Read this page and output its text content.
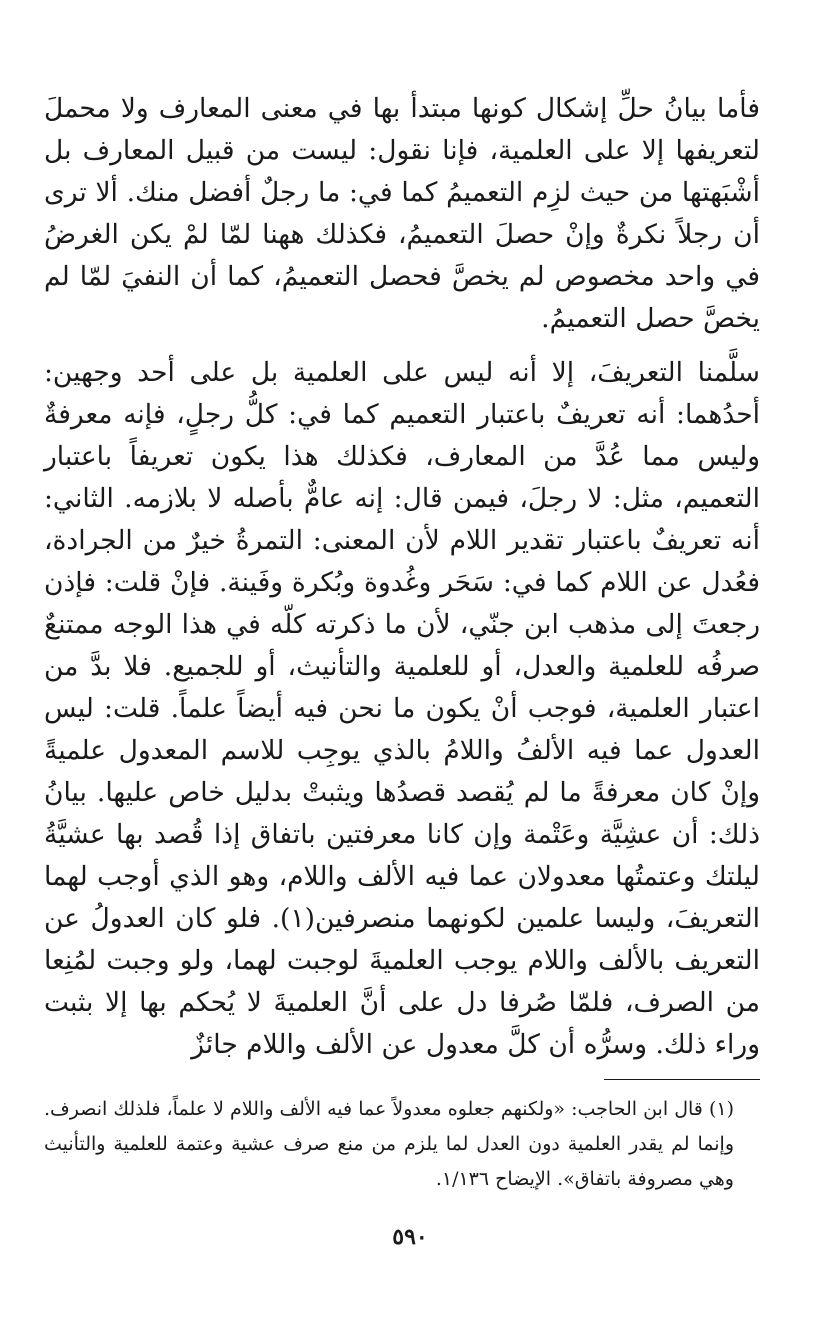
فأما بيانُ حلِّ إشكال كونها مبتدأ بها في معنى المعارف ولا محملَ لتعريفها إلا على العلمية، فإنا نقول: ليست من قبيل المعارف بل أشْبَهتها من حيث لزِم التعميمُ كما في: ما رجلٌ أفضل منك. ألا ترى أن رجلاً نكرةٌ وإنْ حصلَ التعميمُ، فكذلك ههنا لمّا لمْ يكن الغرضُ في واحد مخصوص لم يخصَّ فحصل التعميمُ، كما أن النفيَ لمّا لم يخصَّ حصل التعميمُ.

سلَّمنا التعريفَ، إلا أنه ليس على العلمية بل على أحد وجهين: أحدُهما: أنه تعريفٌ باعتبار التعميم كما في: كلُّ رجلٍ، فإنه معرفةٌ وليس مما عُدَّ من المعارف، فكذلك هذا يكون تعريفاً باعتبار التعميم، مثل: لا رجلَ، فيمن قال: إنه عامٌّ بأصله لا بلازمه. الثاني: أنه تعريفٌ باعتبار تقدير اللام لأن المعنى: التمرةُ خيرٌ من الجرادة، فعُدل عن اللام كما في: سَحَر وغُدوة وبُكرة وفَينة. فإنْ قلت: فإذن رجعتَ إلى مذهب ابن جنّي، لأن ما ذكرته كلّه في هذا الوجه ممتنعٌ صرفُه للعلمية والعدل، أو للعلمية والتأنيث، أو للجميع. فلا بدَّ من اعتبار العلمية، فوجب أنْ يكون ما نحن فيه أيضاً علماً. قلت: ليس العدول عما فيه الألفُ واللامُ بالذي يوجِب للاسم المعدول علميةً وإنْ كان معرفةً ما لم يُقصد قصدُها ويثبتْ بدليل خاص عليها. بيانُ ذلك: أن عشِيَّة وعَتْمة وإن كانا معرفتين باتفاق إذا قُصد بها عشيَّةُ ليلتك وعتمتُها معدولان عما فيه الألف واللام، وهو الذي أوجب لهما التعريفَ، وليسا علمين لكونهما منصرفين(١). فلو كان العدولُ عن التعريف بالألف واللام يوجب العلميةَ لوجبت لهما، ولو وجبت لمُنِعا من الصرف، فلمّا صُرفا دل على أنَّ العلميةَ لا يُحكم بها إلا بثبت وراء ذلك. وسرُّه أن كلَّ معدول عن الألف واللام جائزٌ

(١) قال ابن الحاجب: «ولكنهم جعلوه معدولاً عما فيه الألف واللام لا علماً، فلذلك انصرف. وإنما لم يقدر العلمية دون العدل لما يلزم من منع صرف عشية وعتمة للعلمية والتأنيث وهي مصروفة باتفاق». الإيضاح ١/١٣٦.
٥٩٠
